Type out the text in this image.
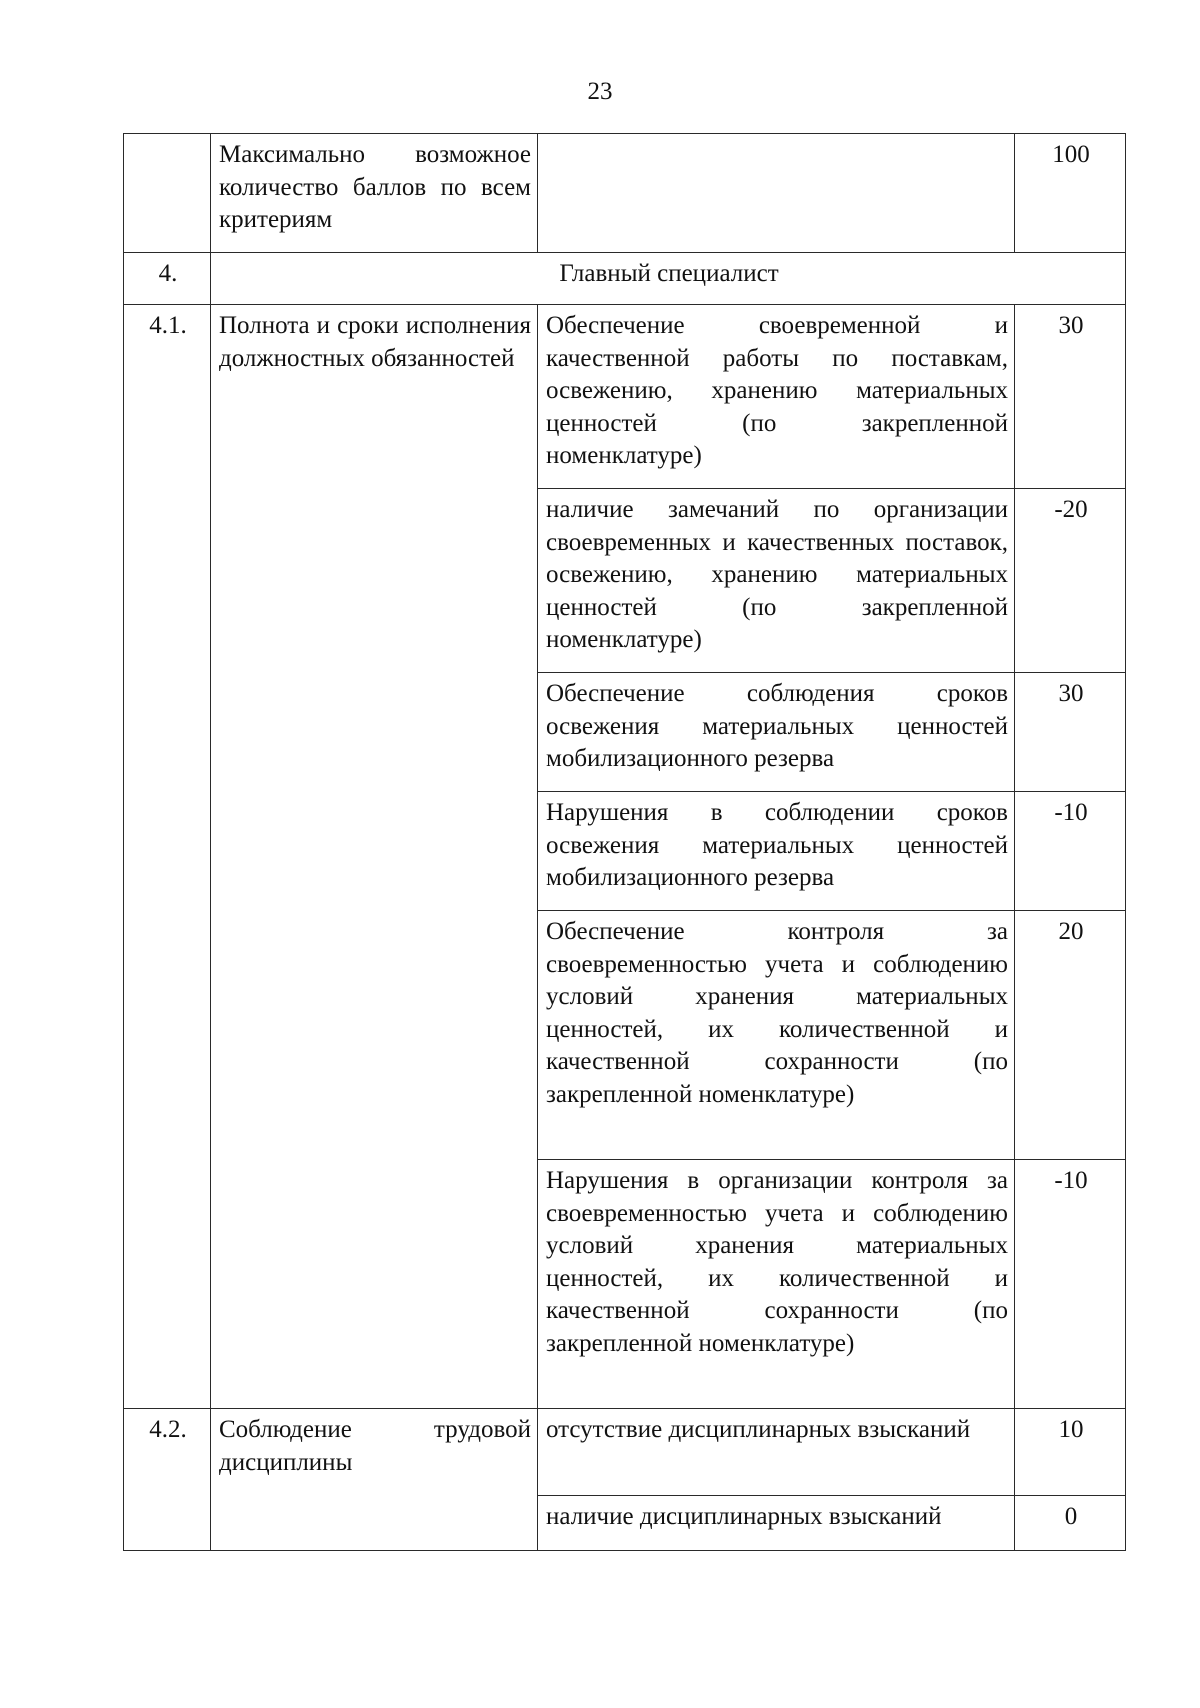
23
	Максимально возможное количество баллов по всем критериям		100
4.	Главный специалист		
4.1.	Полнота и сроки исполнения должностных обязанностей	Обеспечение своевременной и качественной работы по поставкам, освежению, хранению материальных ценностей (по закрепленной номенклатуре)	30
		наличие замечаний по организации своевременных и качественных поставок, освежению, хранению материальных ценностей (по закрепленной номенклатуре)	-20
		Обеспечение соблюдения сроков освежения материальных ценностей мобилизационного резерва	30
		Нарушения в соблюдении сроков освежения материальных ценностей мобилизационного резерва	-10
		Обеспечение контроля за своевременностью учета и соблюдению условий хранения материальных ценностей, их количественной и качественной сохранности (по закрепленной номенклатуре)	20
		Нарушения в организации контроля за своевременностью учета и соблюдению условий хранения материальных ценностей, их количественной и качественной сохранности (по закрепленной номенклатуре)	-10
4.2.	Соблюдение трудовой дисциплины	отсутствие дисциплинарных взысканий	10
		наличие дисциплинарных взысканий	0
